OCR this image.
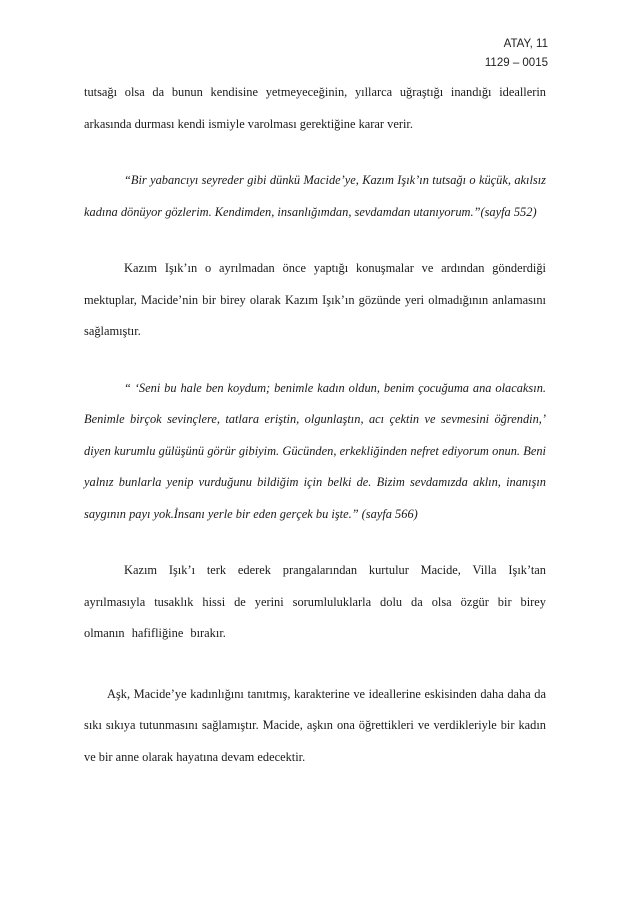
ATAY, 11
1129 – 0015

tutsağı olsa da bunun kendisine yetmeyeceğinin, yıllarca uğraştığı inandığı ideallerin arkasında durması kendi ismiyle varolması gerektiğine karar verir.

“Bir yabancıyı seyreder gibi dünkü Macide’ye, Kazım Işık’ın tutsağı o küçük, akılsız kadına dönüyor gözlerim. Kendimden, insanlığımdan, sevdamdan utanıyorum.”(sayfa 552)

Kazım Işık’ın o ayrılmadan önce yaptığı konuşmalar ve ardından gönderdiği mektuplar, Macide’nin bir birey olarak Kazım Işık’ın gözünde yeri olmadığının anlamasını sağlamıştır.

“ ‘Seni bu hale ben koydum; benimle kadın oldun, benim çocuğuma ana olacaksın. Benimle birçok sevinçlere, tatlara eriştin, olgunlaştın, acı çektin ve sevmesini öğrendin,’ diyen kurumlu gülüşünü görür gibiyim. Gücünden, erkekliğinden nefret ediyorum onun. Beni yalnız bunlarla yenip vurduğunu bildiğim için belki de. Bizim sevdamızda aklın, inanışın saygının payı yok.İnsanı yerle bir eden gerçek bu işte.” (sayfa 566)

Kazım Işık’ı terk ederek prangalarından kurtulur Macide, Villa Işık’tan ayrılmasıyla tusaklık hissi de yerini sorumluluklarla dolu da olsa özgür bir birey olmanın hafifliğine bırakır.

Aşk, Macide’ye kadınlığını tanıtmış, karakterine ve ideallerine eskisinden daha daha da sıkı sıkıya tutunmasını sağlamıştır. Macide, aşkın ona öğrettikleri ve verdikleriyle bir kadın ve bir anne olarak hayatına devam edecektir.
